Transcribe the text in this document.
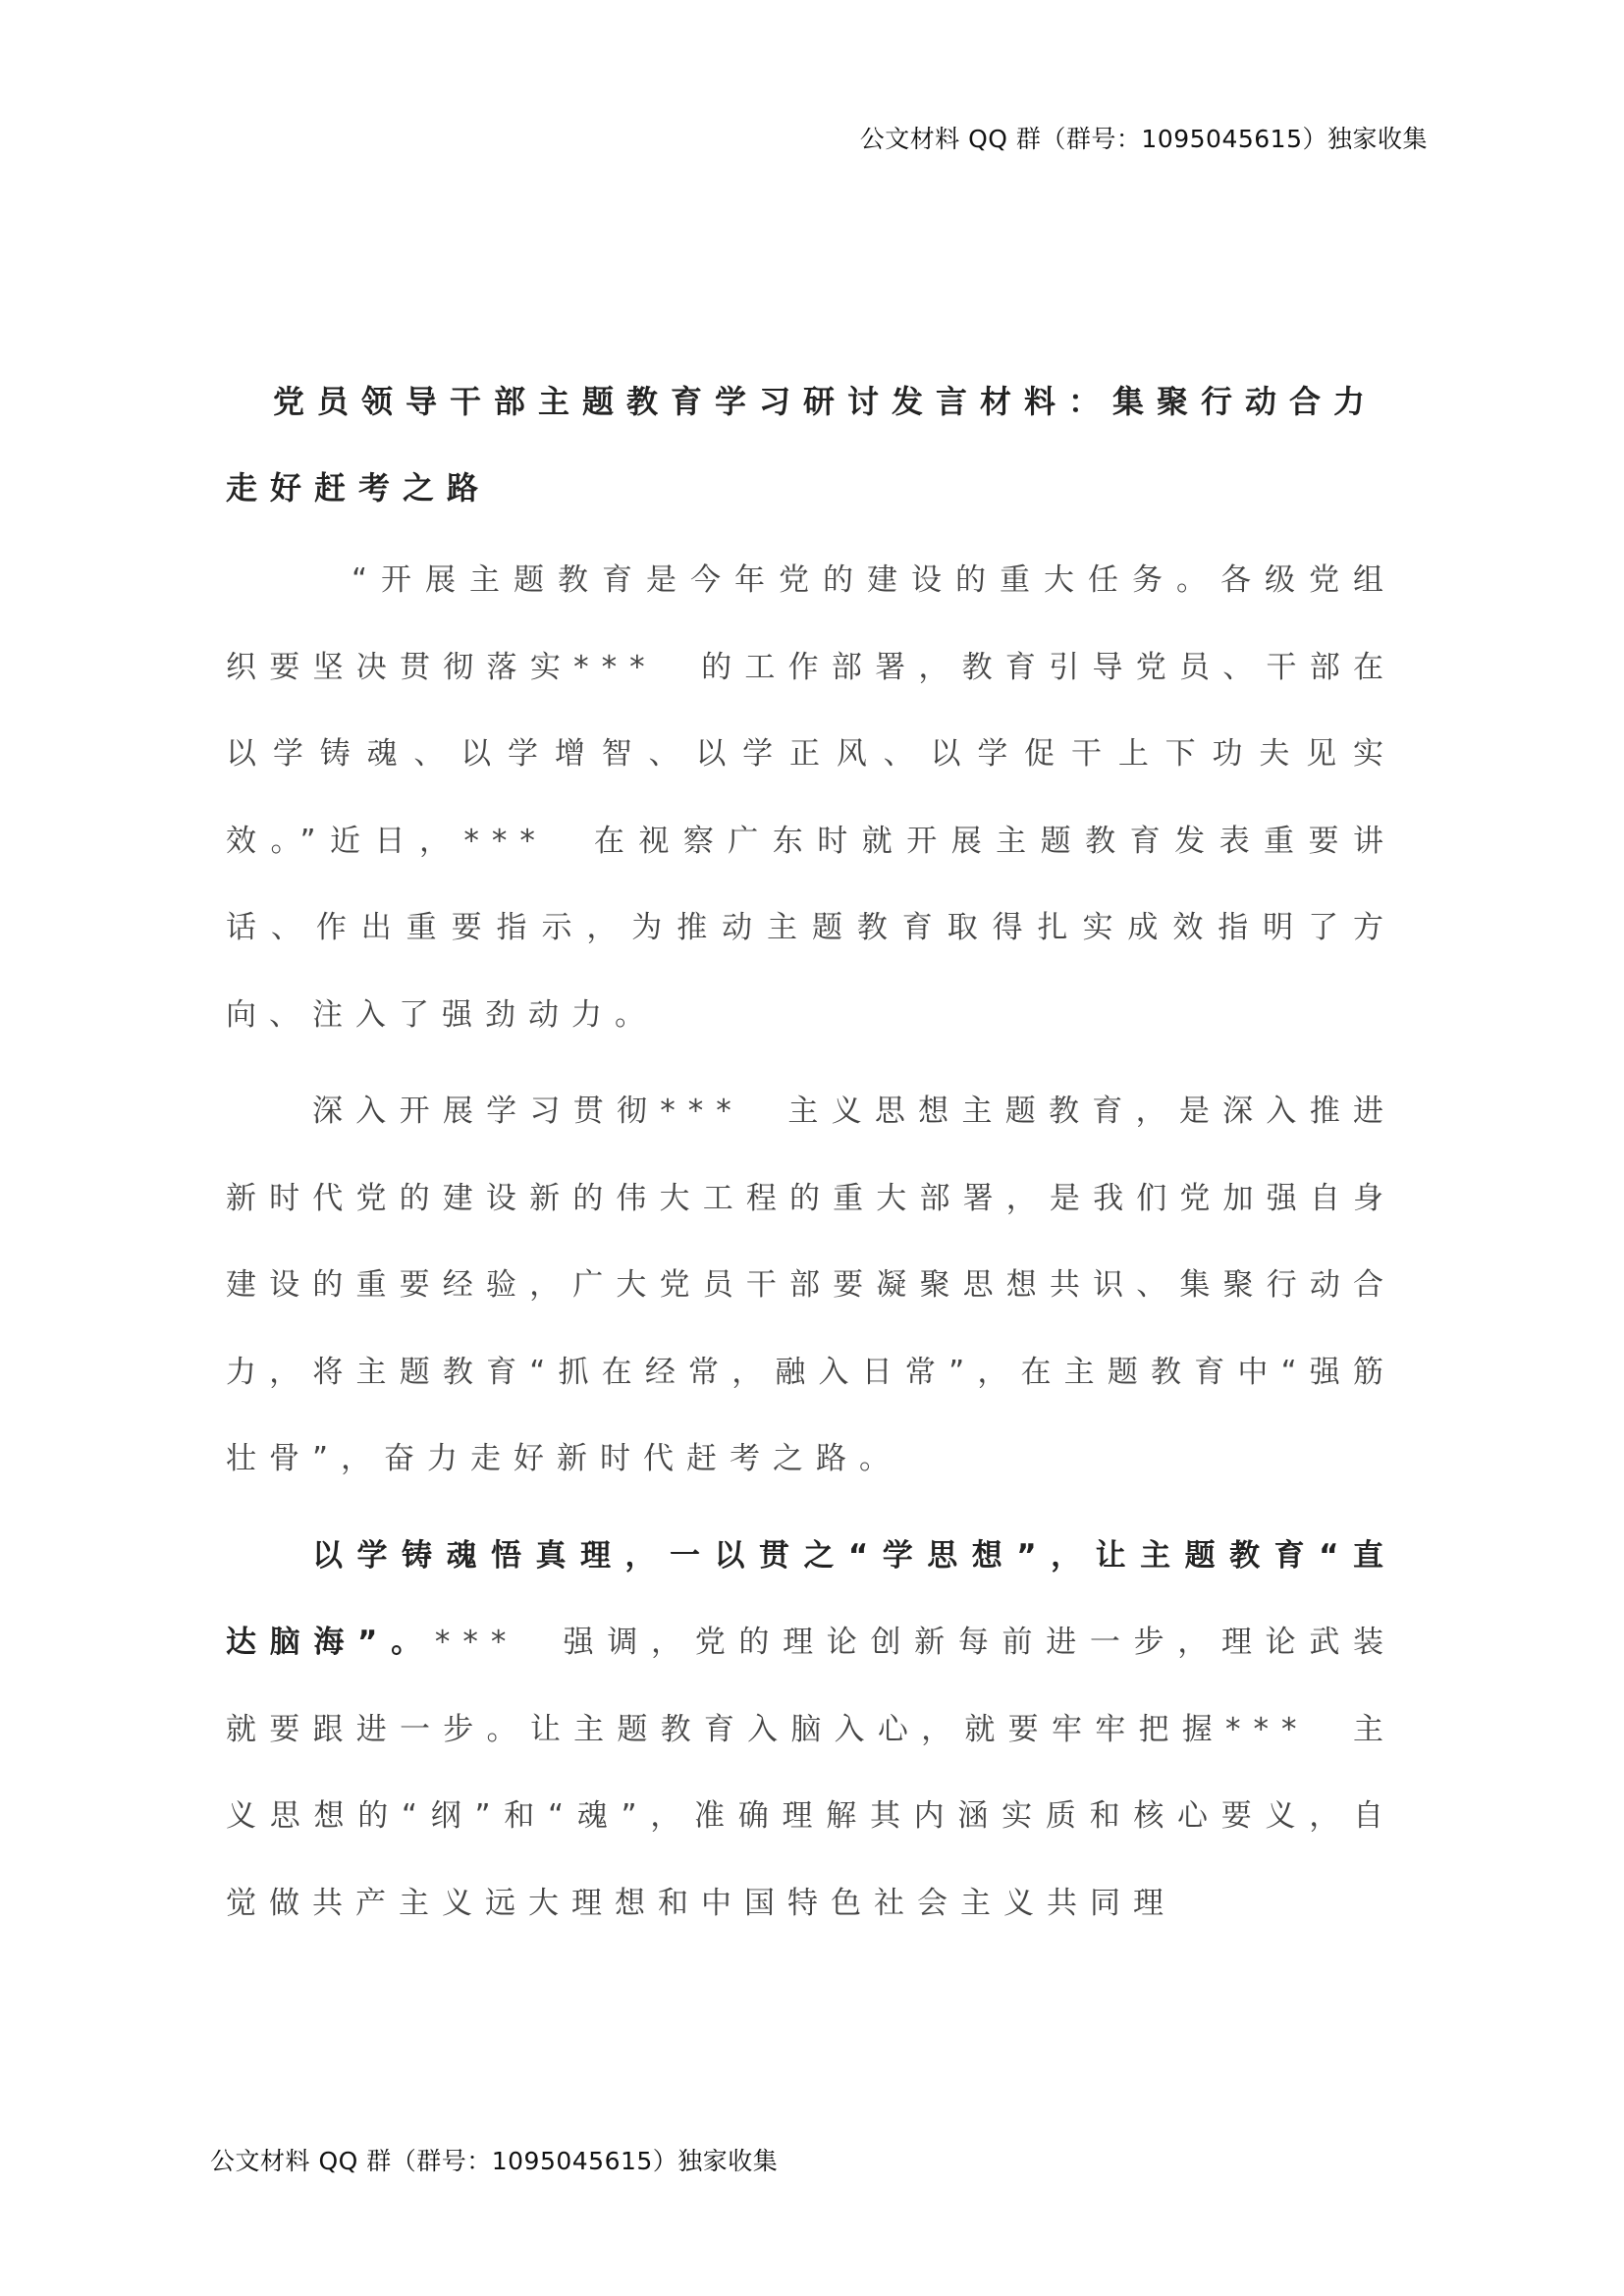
公文材料 QQ 群（群号：1095045615）独家收集

党员领导干部主题教育学习研讨发言材料：集聚行动合力走好赶考之路

“开展主题教育是今年党的建设的重大任务。各级党组织要坚决贯彻落实***　的工作部署，教育引导党员、干部在以学铸魂、以学增智、以学正风、以学促干上下功夫见实效。”近日，***　在视察广东时就开展主题教育发表重要讲话、作出重要指示，为推动主题教育取得扎实成效指明了方向、注入了强劲动力。

深入开展学习贯彻***　主义思想主题教育，是深入推进新时代党的建设新的伟大工程的重大部署，是我们党加强自身建设的重要经验，广大党员干部要凝聚思想共识、集聚行动合力，将主题教育“抓在经常，融入日常”，在主题教育中“强筋壮骨”，奋力走好新时代赶考之路。

以学铸魂悟真理，一以贯之“学思想”，让主题教育“直达脑海”。***　强调，党的理论创新每前进一步，理论武装就要跟进一步。让主题教育入脑入心，就要牢牢把握***　主义思想的“纲”和“魂”，准确理解其内涵实质和核心要义，自觉做共产主义远大理想和中国特色社会主义共同理

公文材料 QQ 群（群号：1095045615）独家收集
